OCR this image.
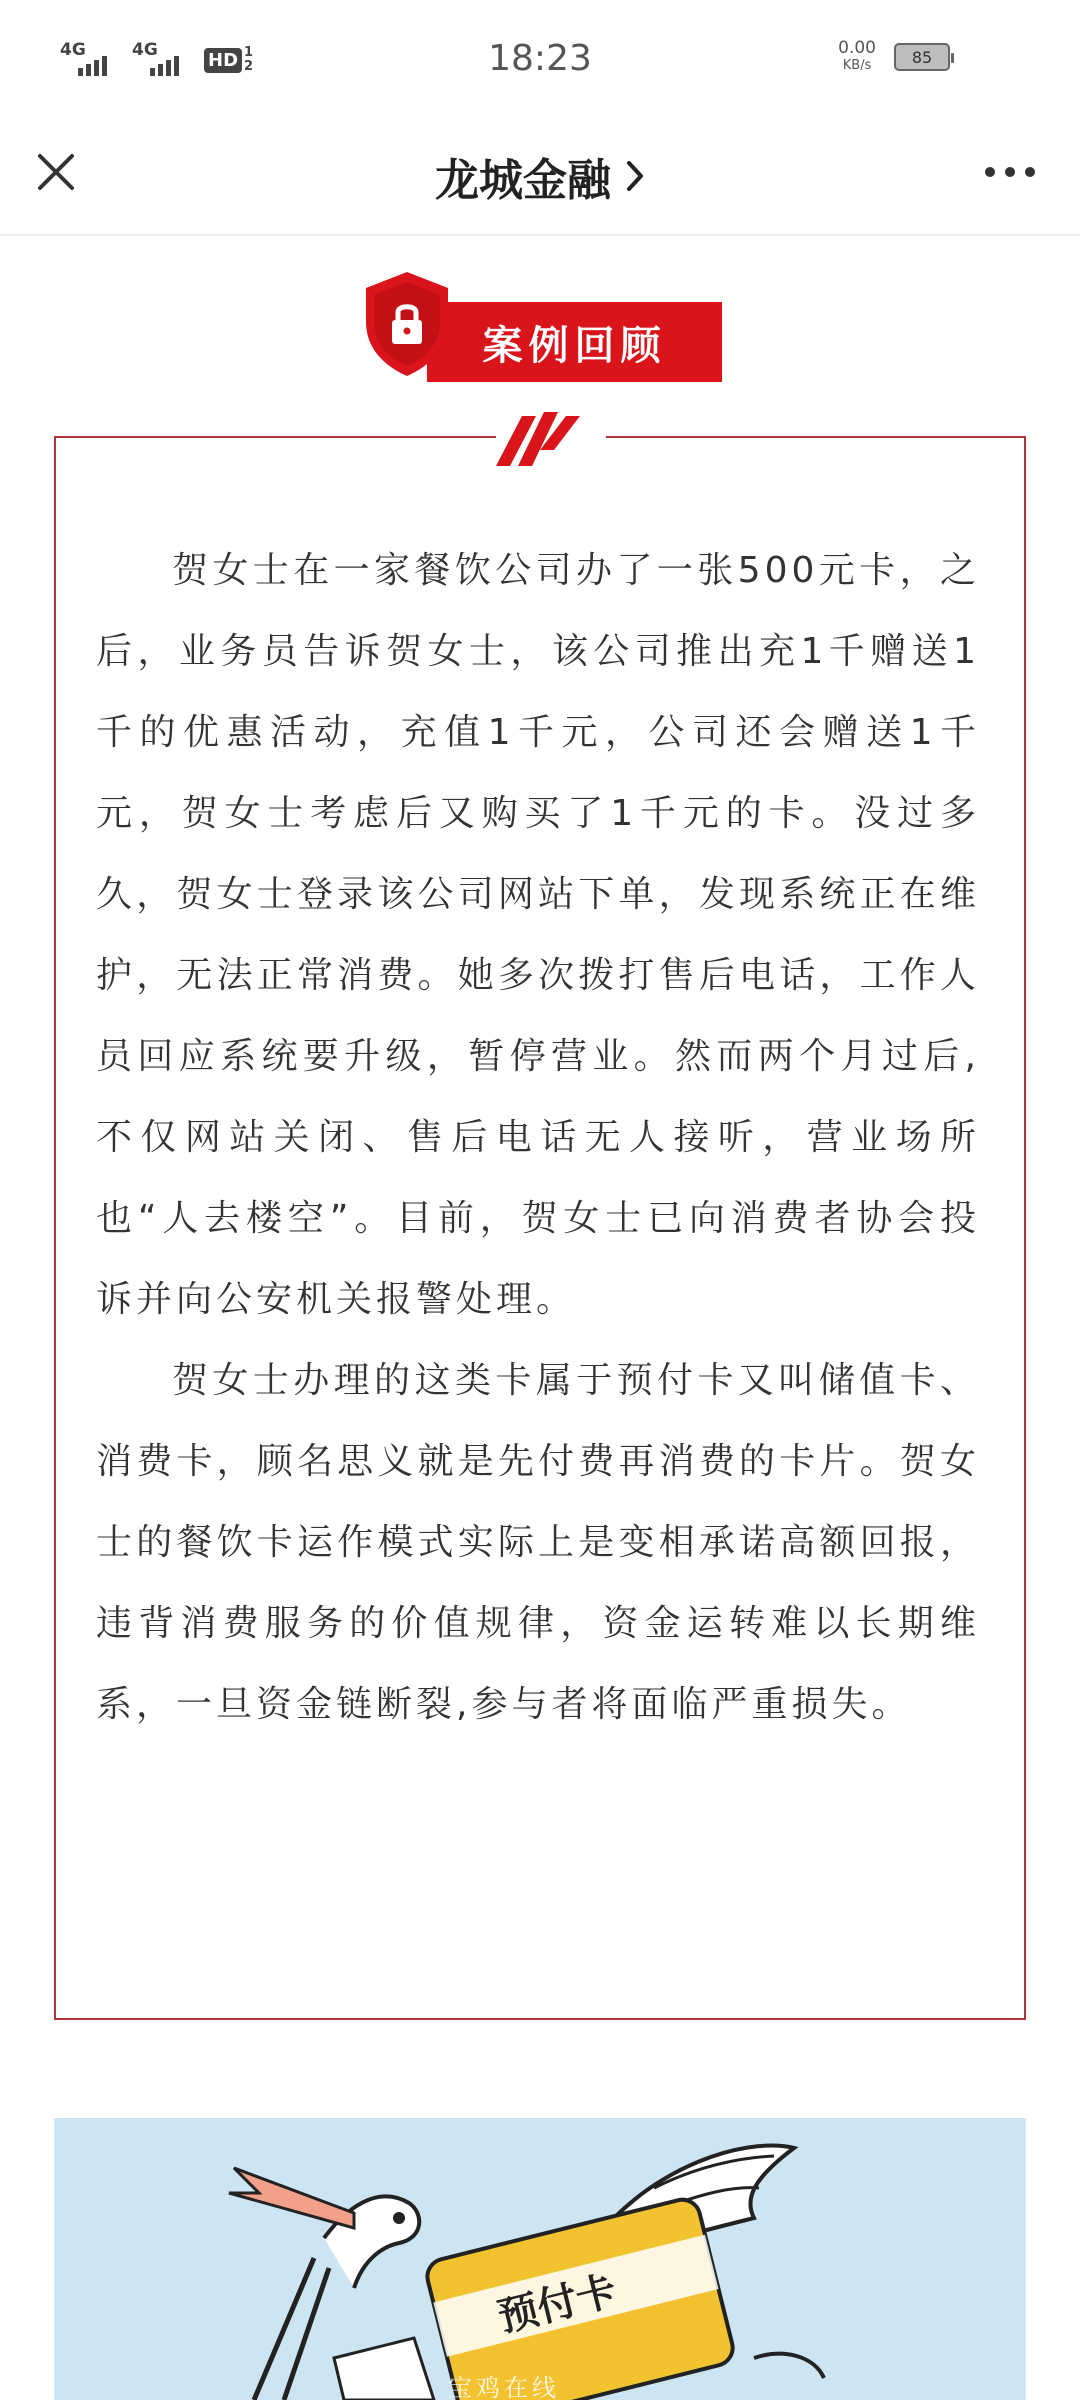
4G	4G	HD 1
2	18:23	0.00
KB/s	85
龙城金融
案例回顾

贺女士在一家餐饮公司办了一张500元卡，之后，业务员告诉贺女士，该公司推出充1千赠送1千的优惠活动，充值1千元，公司还会赠送1千元，贺女士考虑后又购买了1千元的卡。没过多久，贺女士登录该公司网站下单，发现系统正在维护，无法正常消费。她多次拨打售后电话，工作人员回应系统要升级，暂停营业。然而两个月过后,不仅网站关闭、售后电话无人接听，营业场所也“人去楼空”。目前，贺女士已向消费者协会投诉并向公安机关报警处理。

贺女士办理的这类卡属于预付卡又叫储值卡、消费卡，顾名思义就是先付费再消费的卡片。贺女士的餐饮卡运作模式实际上是变相承诺高额回报，违背消费服务的价值规律，资金运转难以长期维系，一旦资金链断裂,参与者将面临严重损失。

预付卡
宝鸡在线
